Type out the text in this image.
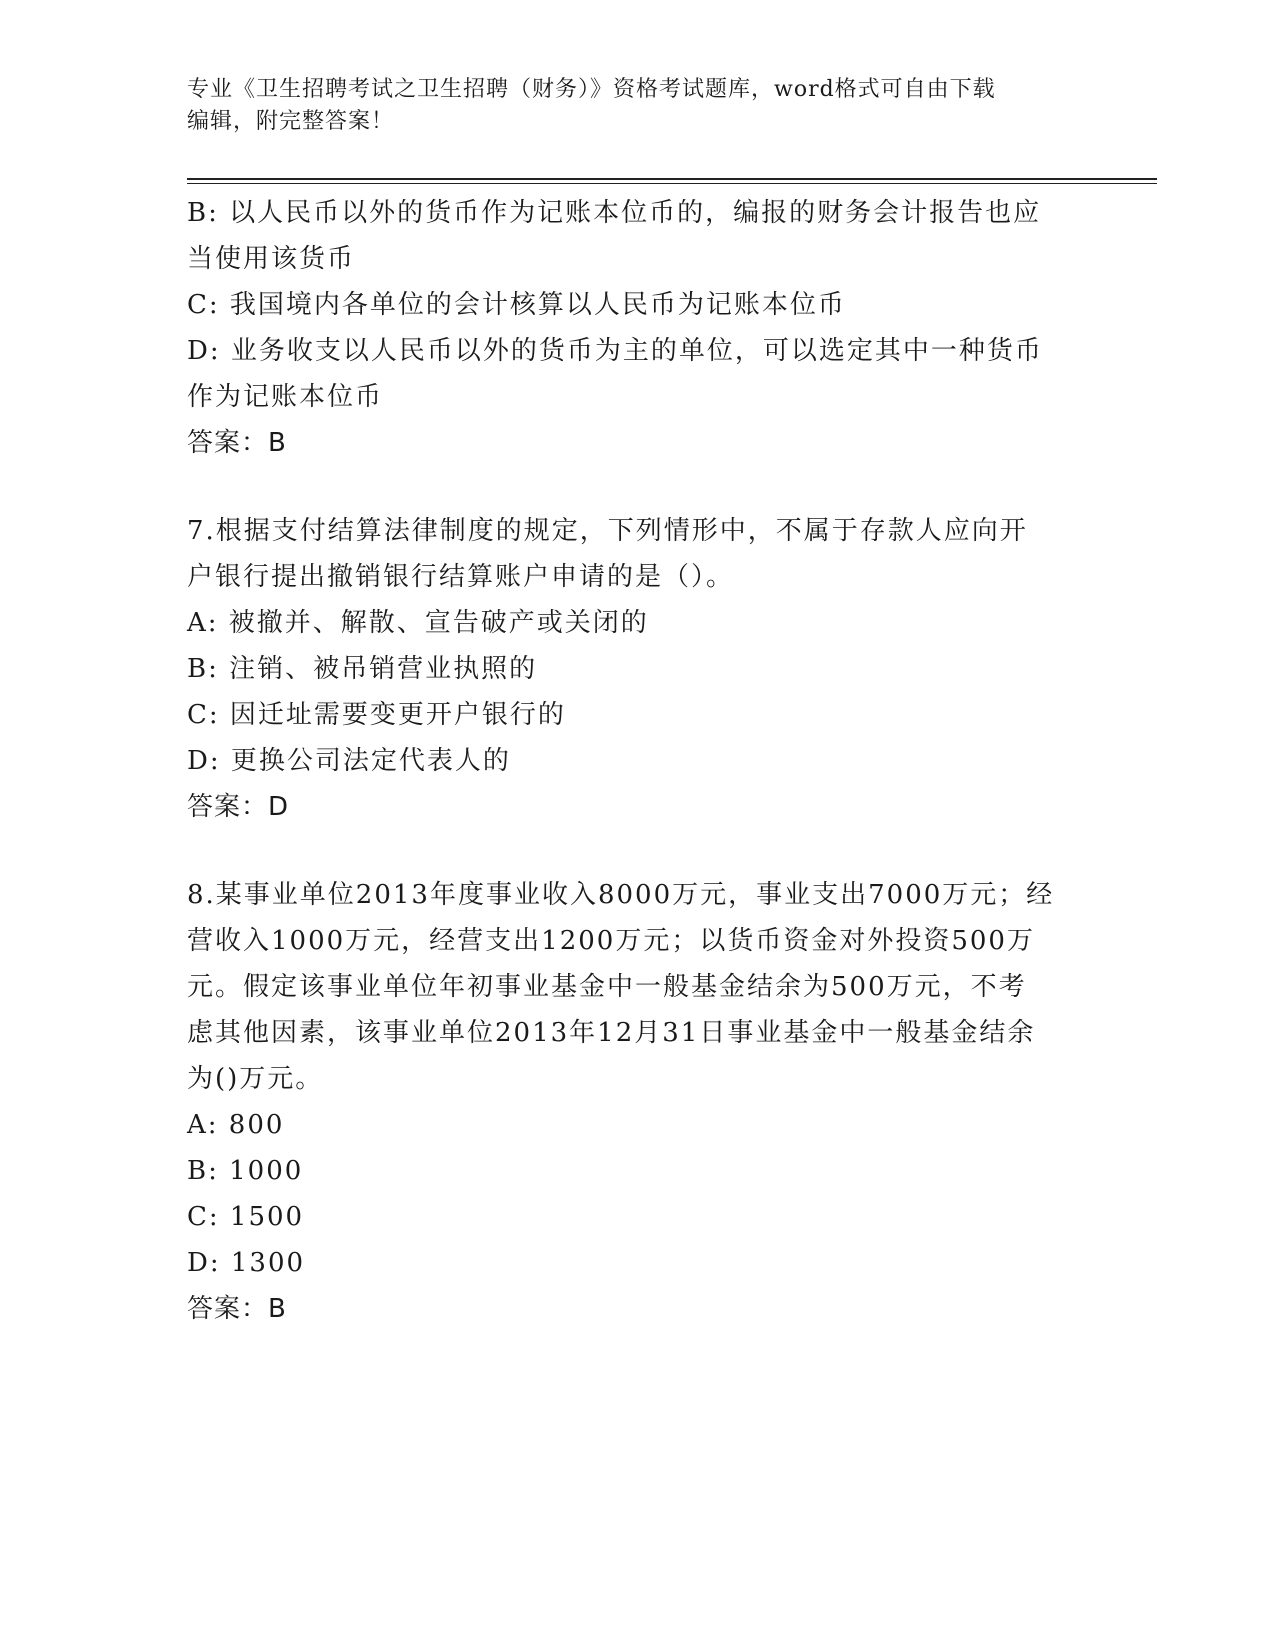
专业《卫生招聘考试之卫生招聘（财务）》资格考试题库，word格式可自由下载
编辑，附完整答案！
B: 以人民币以外的货币作为记账本位币的，编报的财务会计报告也应
当使用该货币
C: 我国境内各单位的会计核算以人民币为记账本位币
D: 业务收支以人民币以外的货币为主的单位，可以选定其中一种货币
作为记账本位币
答案：B
7.根据支付结算法律制度的规定，下列情形中，不属于存款人应向开
户银行提出撤销银行结算账户申请的是（）。
A: 被撤并、解散、宣告破产或关闭的
B: 注销、被吊销营业执照的
C: 因迁址需要变更开户银行的
D: 更换公司法定代表人的
答案：D
8.某事业单位2013年度事业收入8000万元，事业支出7000万元；经
营收入1000万元，经营支出1200万元；以货币资金对外投资500万
元。假定该事业单位年初事业基金中一般基金结余为500万元，不考
虑其他因素，该事业单位2013年12月31日事业基金中一般基金结余
为()万元。
A: 800
B: 1000
C: 1500
D: 1300
答案：B
